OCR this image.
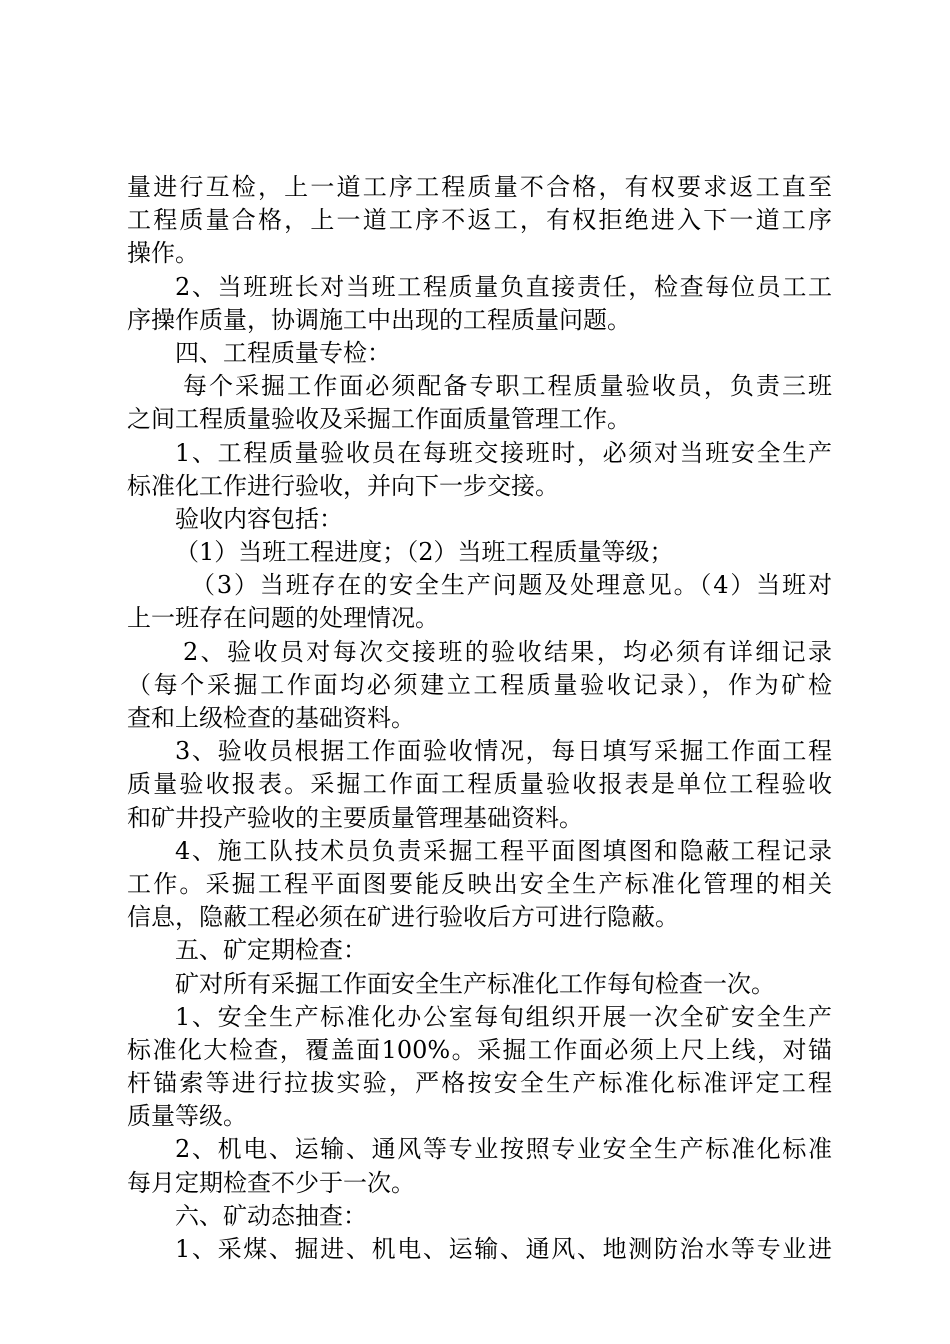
量进行互检，上一道工序工程质量不合格，有权要求返工直至
工程质量合格，上一道工序不返工，有权拒绝进入下一道工序
操作。
2、当班班长对当班工程质量负直接责任，检查每位员工工
序操作质量，协调施工中出现的工程质量问题。
四、工程质量专检：
每个采掘工作面必须配备专职工程质量验收员，负责三班
之间工程质量验收及采掘工作面质量管理工作。
1、工程质量验收员在每班交接班时，必须对当班安全生产
标准化工作进行验收，并向下一步交接。
验收内容包括：
（1）当班工程进度；（2）当班工程质量等级；
（3）当班存在的安全生产问题及处理意见。（4）当班对
上一班存在问题的处理情况。
2、验收员对每次交接班的验收结果，均必须有详细记录
（每个采掘工作面均必须建立工程质量验收记录），作为矿检
查和上级检查的基础资料。
3、验收员根据工作面验收情况，每日填写采掘工作面工程
质量验收报表。采掘工作面工程质量验收报表是单位工程验收
和矿井投产验收的主要质量管理基础资料。
4、施工队技术员负责采掘工程平面图填图和隐蔽工程记录
工作。采掘工程平面图要能反映出安全生产标准化管理的相关
信息，隐蔽工程必须在矿进行验收后方可进行隐蔽。
五、矿定期检查：
矿对所有采掘工作面安全生产标准化工作每旬检查一次。
1、安全生产标准化办公室每旬组织开展一次全矿安全生产
标准化大检查，覆盖面100%。采掘工作面必须上尺上线，对锚
杆锚索等进行拉拔实验，严格按安全生产标准化标准评定工程
质量等级。
2、机电、运输、通风等专业按照专业安全生产标准化标准
每月定期检查不少于一次。
六、矿动态抽查：
1、采煤、掘进、机电、运输、通风、地测防治水等专业进
